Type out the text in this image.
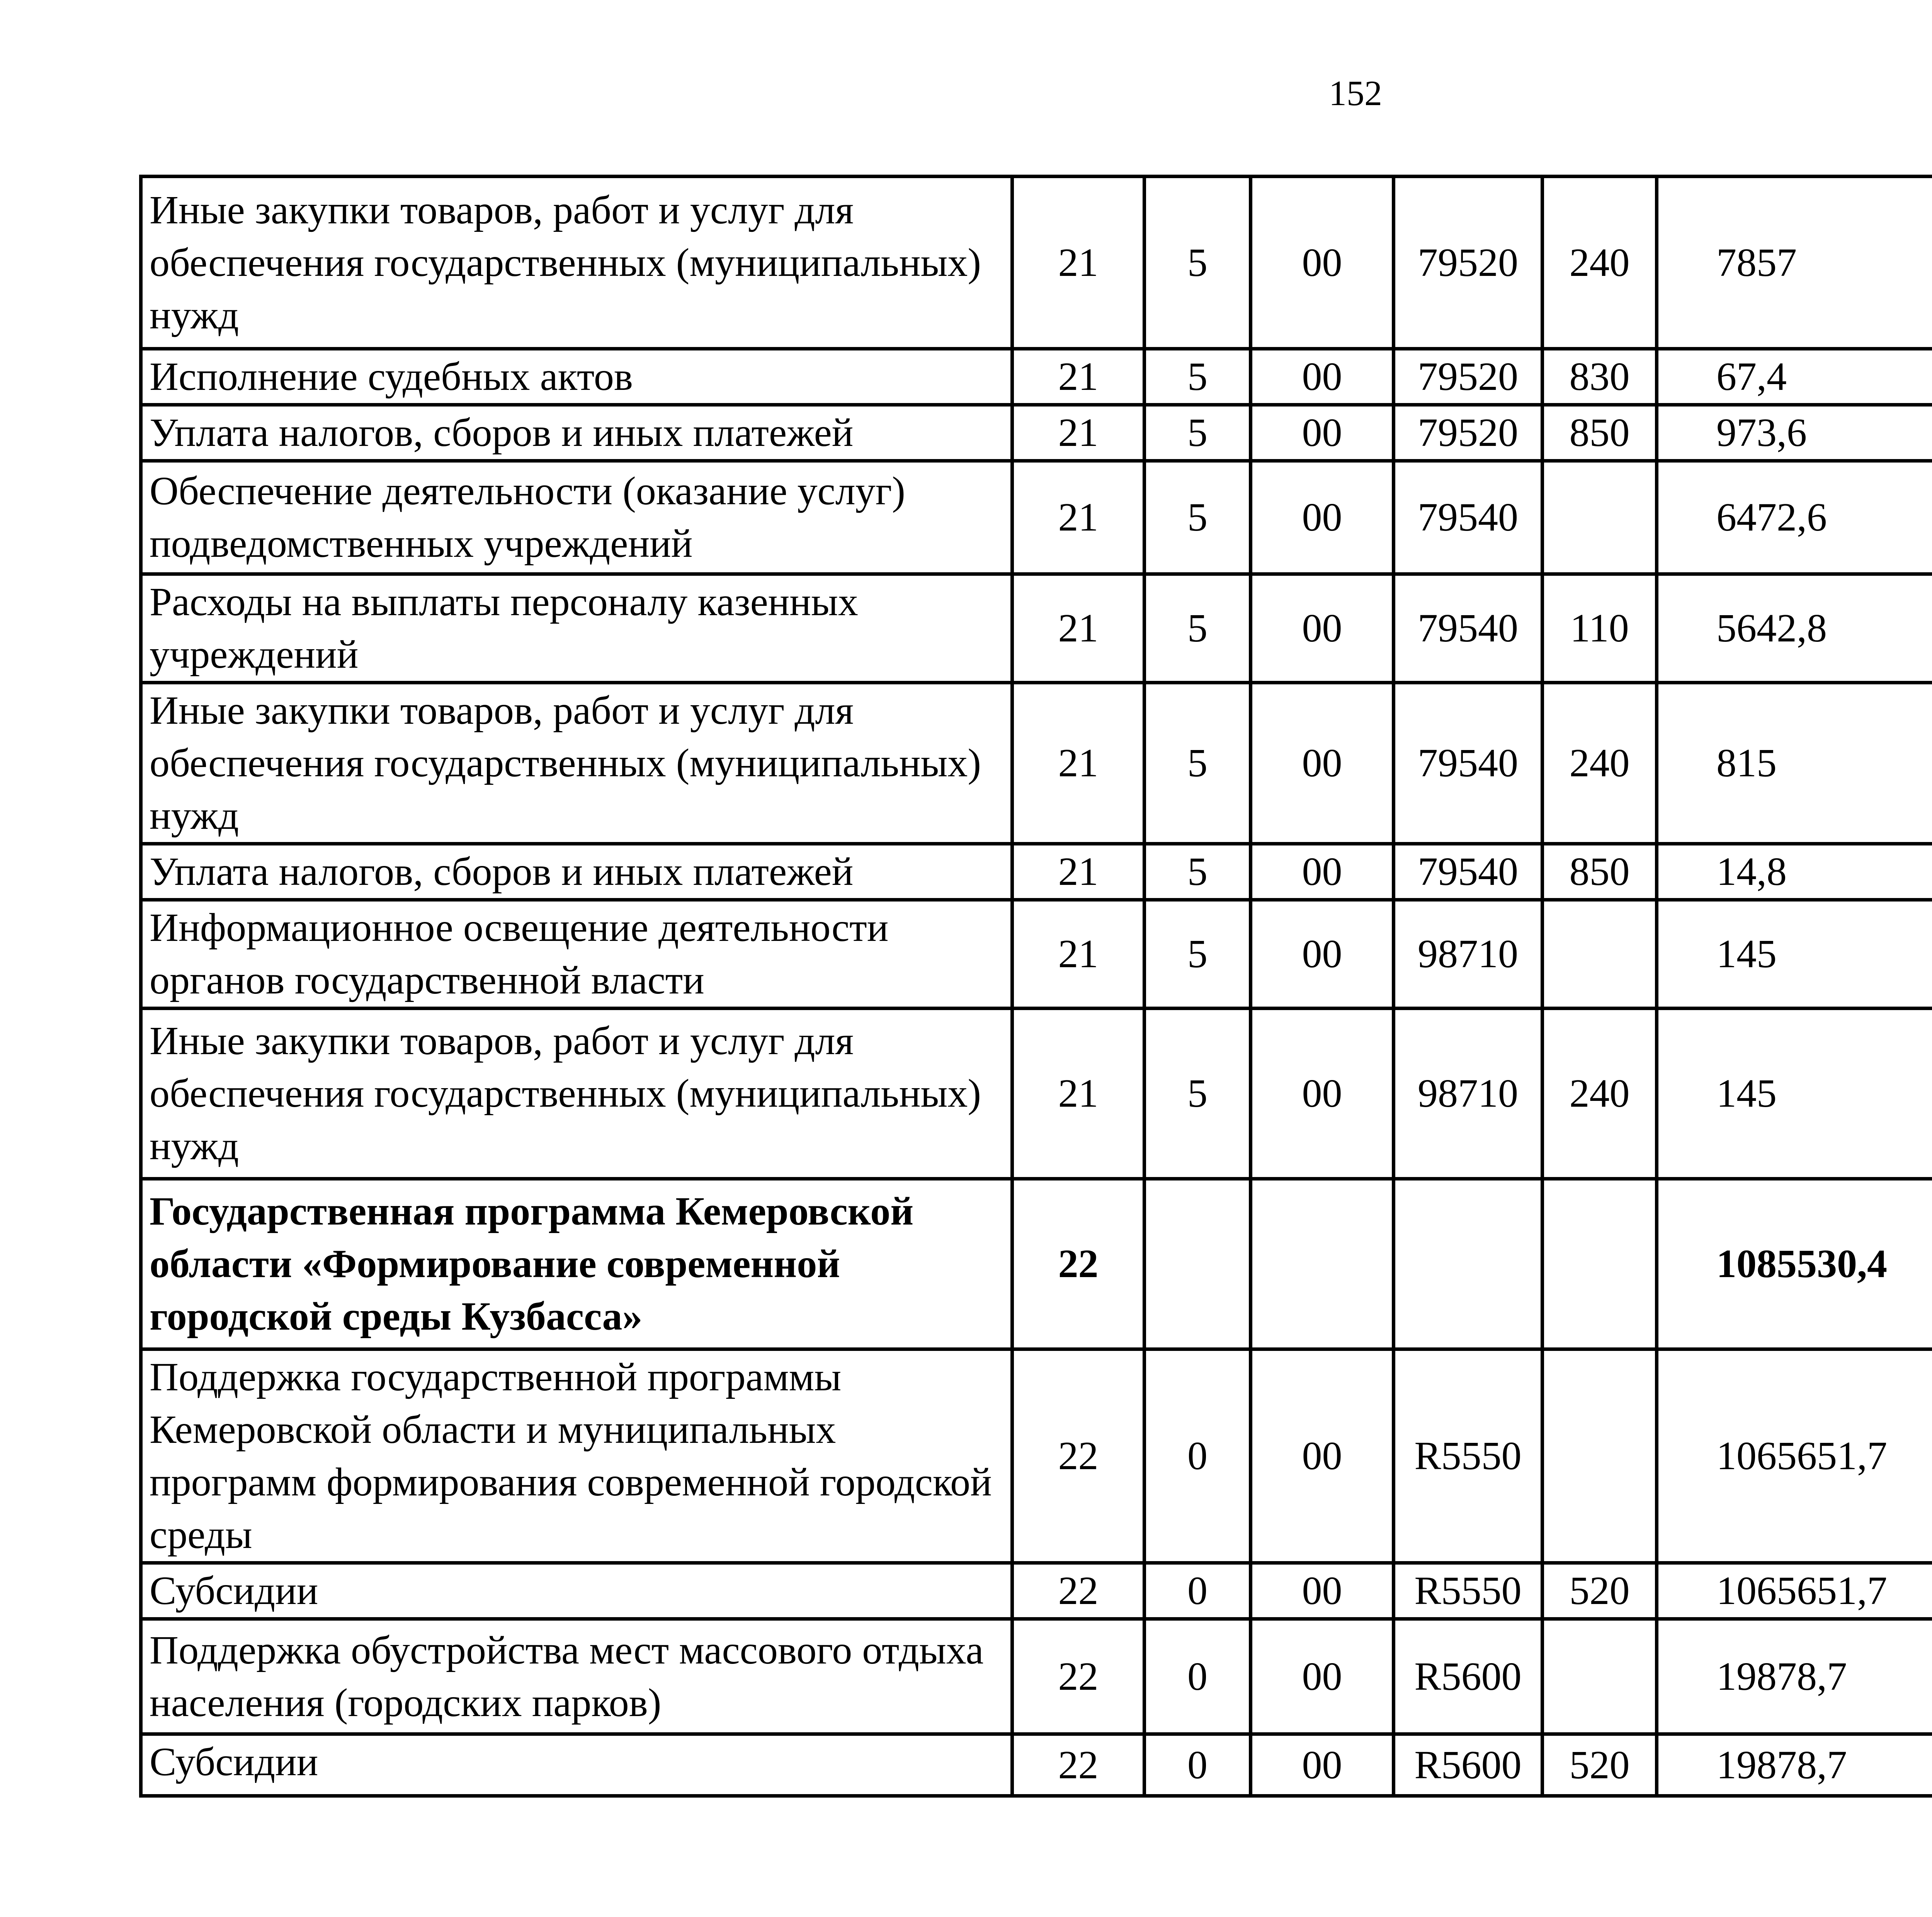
152
Иные закупки товаров, работ и услуг для обеспечения государственных (муниципальных) нужд	21	5	00	79520	240	7857		
Исполнение судебных актов	21	5	00	79520	830	67,4		
Уплата налогов, сборов и иных платежей	21	5	00	79520	850	973,6		
Обеспечение деятельности (оказание услуг) подведомственных учреждений	21	5	00	79540		6472,6		
Расходы на выплаты персоналу казенных учреждений	21	5	00	79540	110	5642,8		
Иные закупки товаров, работ и услуг для обеспечения государственных (муниципальных) нужд	21	5	00	79540	240	815		
Уплата налогов, сборов и иных платежей	21	5	00	79540	850	14,8		
Информационное освещение деятельности органов государственной власти	21	5	00	98710		145		
Иные закупки товаров, работ и услуг для обеспечения государственных (муниципальных) нужд	21	5	00	98710	240	145		
Государственная программа Кемеровской области «Формирование современной городской среды Кузбасса»	22					1085530,4		
Поддержка государственной программы Кемеровской области и муниципальных программ формирования современной городской среды	22	0	00	R5550		1065651,7		
Субсидии	22	0	00	R5550	520	1065651,7		
Поддержка обустройства мест массового отдыха населения (городских парков)	22	0	00	R5600		19878,7		
Субсидии	22	0	00	R5600	520	19878,7		
